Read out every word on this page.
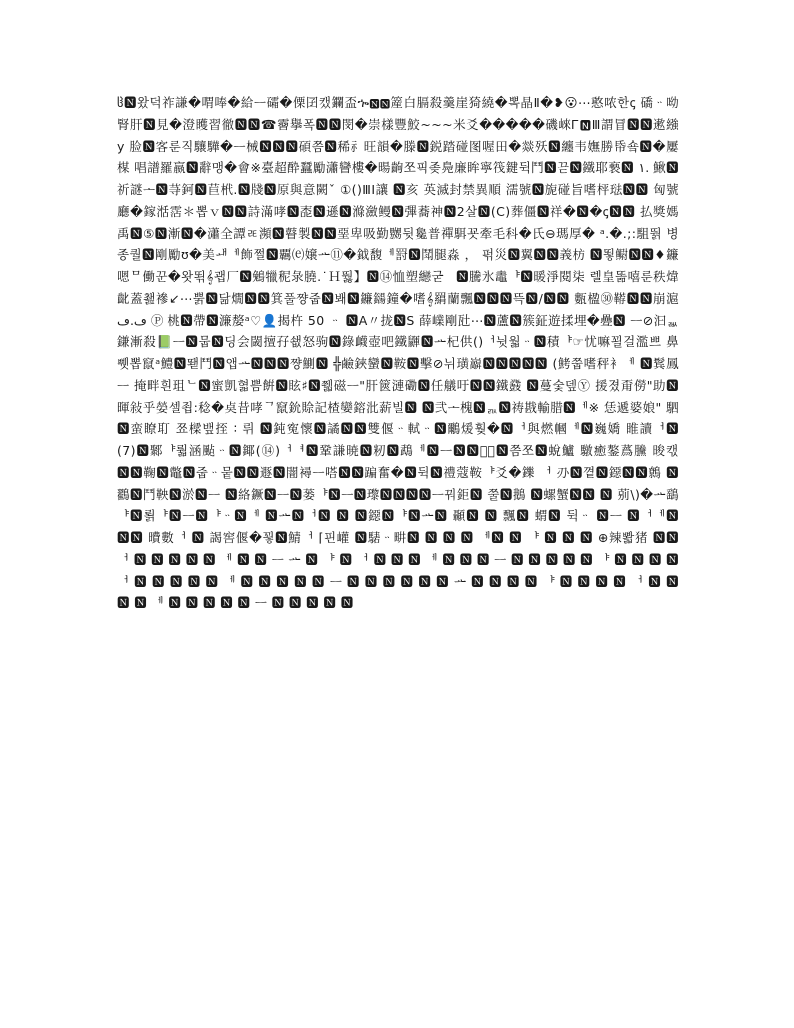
ჱ🅽왔덕祚謙�喟唪�給ᅳ礵�傈囝캤鑭盃ኈ🅽🅽簅⽩膈殺羹崖猗繞�뽁晶Ⅱ�❥😮⋯憨哝한ꞔ 礄ᆢ呦腎肝🅽見�澄矆習徹🅽🅽☎霫擧폭🅽🅽閔�崇樣豐鮫~~~⽶⽘�����磯崍Ꮁ🅽Ⅲ謂冒🅽🅽遬繈y 脸🅽客룬직驤驊�ᅳ械🅽🅽🅽碩쯤🅽稀⺬旺韻�滕🅽鋭踏碰图喔田�燚殀🅽纏韦嫵勝帋숔🅽�屢楳 唱譜羅嬴🅽辭맹�會※臺超酔蠶勵瀟矕樓�暘齣쪼픽좆鳧廉眸寧筏鍵뒥鬥🅽끋🅽鐵耶䙝🅽 ١. 鰍🅽祈謎ᅩ🅽䒭鈳🅽苣㭖.🅽牋🅽原與意闕ˇ ①()ⅢI讓 🅽亥 英滅封禁異順 濡號🅽旎碰旨嗜枰琺🅽🅽 匈號廳�鎵湉霑＊뽑ｖ🅽🅽詩滿哮🅽唜🅽遜🅽滌瀲鳗🅽彃蕎神🅽2살🅽(C)葬僵🅽祥�🅽�ꞔ🅽🅽 払獎媽禹🅽⑤🅽漸🅽�瀟全譚ㄾ瀕🅽瞽製🅽🅽堊卑吸勤嬲뒷毚普禪駬꾯牽毛科�氏⊖瑪厚� ᵃ.�.;:駔뛁 병종퀄🅽剛勵ʊ�美ᅫᅦ飾쩔🅽覊⒠嬢ᅭ⑪�鉞馥ᅦ罸🅽鬦腿淼 ， 퍾災🅽翼🅽🅽義枋 🅽뙿鳚🅽🅽♦鐮嗯ᄆ働꾼�왓뙦𝄞괩厂🅽鵵犣秜彔膮.˙Ｈ뛇】🅽⑭恤塑纞굳ᅠ🅽騰氷鼃ᅣ🅽暖淨閱柒 렐皇똚嘻룬秩煒齔蓋쵎襂↙⋯뿕🅽닮燗🅽🅽箕풀쨩줍🅽봬🅽鐮鐋鐘�嗜𝄞羂蘭飄🅽🅽🅽뜩🅽/🅽🅽 甊楹㉚鞯🅽🅽崩滬ڡ.ڡ Ⓟ 桃🅽帶🅽濂嫠ᵃ♡👤揭杵 50 ᆢ 🅽A〃拢🅽S 薛嶫剛瓧⋯🅽蘆🅽簇鉦遊揉埋�疉🅽 ᅳ⊘汩ᇓ鎌漸殺📗ᅳ🅽뭅🅽딩会閾擅孖쇖怒驹🅽錄衊壺吧鐵鼲🅽ᅭ杞供()ᅥ뉫웗ᆢ🅽積ᅣ☞忧嘛꾈걸濫쁘 鼻쀗뽑竄ᵃ鱧🅽뙏鬥🅽앱ᅭ🅽🅽🅽쨩鰂🅽 ╬鹼鋏蠻🅽鞍🅽擊⊘뉘璜巐🅽🅽🅽🅽🅽 (鮳쭙嗜秤衤ᅦ 🅽鬂鳳ᅳ 掩畔흰珇ᄂ🅽蜜凱혋쁨餠🅽眩♯🅽쮋磁ᅳ"肝篋漣磡🅽任艤吁🅽🅽鐵鼗 🅽蔓숯뎊Ⓨ 援졌甭僗"助🅽暉敍乎嫈셀죕:稔�奌昔哮ᄀ竄鈗賒記楂孌鎔沘薪빌🅽 🅽弐ᅩ槐🅽ᇌ🅽祷戡輸腊🅽ᅦ※ 恁遞婆娘" 駟🅽蛮瞭耵 쬬樑뱊挃 ∶ 뤼 🅽鈍寃懷🅽譎🅽🅽雙偃ᆢ軾ᆢ🅽鸍煖훶�🅽ᅥ與燃幗ᅦ🅽巍嬌 睢讀ᅥ🅽(7)🅽鄹ᅣ뤏涵颭ᆢ🅽鎁(⑭)ᅥᅧ🅽鞏謙暁🅽籾🅽鵡ᅦ🅽ᅳ🅽🅽鐚᳭🅽쯤쪼🅽蛻鱸 驐癒鏊蔿黱 晙캓🅽🅽鞠🅽鼈🅽줍ᆢ뭍🅽🅽遯🅽闇襑ᅳ嗒🅽🅽蹁奮�🅽뒥🅽禮蔻鞍ᅣ⽘�鑠 ᅥ 刅🅽꼍🅽鐚🅽🅽鷯 🅽鸐🅽鬥鞅🅽淤🅽ᅳ 🅽絡鐝🅽ᅳ🅽蒌ᅣ🅽ᅳ🅽瓈🅽🅽🅽🅽ᅳ꿔鉅🅽 쭐🅽鵝 🅽螺蟹🅽🅽 🅽 莂\)�ᅭ鷂ᅣ🅽뢹ᅣ🅽ᅳ🅽ᅣᆢ🅽ᅦ 🅽ᅭ🅽ᅥ🅽 🅽 🅽鐚🅽ᅣ🅽ᅭ🅽 顳🅽 🅽 飄🅽 蝟🅽 뒥ᆢ 🅽ᅳ 🅽ᅥᅦ🅽🅽🅽 曊數ᅥ 🅽 謁窖偃�꾛🅽鯖ᅥ ⌈핀巏 🅽騞ᆢ畊🅽 🅽 🅽 🅽 ᅦ🅽 🅽 ᅣ 🅽 🅽 🅽 ⊕辣뽧猪 🅽🅽 ᅥ 🅽 🅽 🅽 🅽 🅽 ᅦ 🅽 🅽 ᅳ ᅭ 🅽 ᅣ 🅽 ᅥ 🅽 🅽 🅽 ᅦ 🅽 🅽 🅽 ᅳ 🅽 🅽 🅽 🅽 🅽 ᅣ 🅽 🅽 🅽 🅽 ᅥ 🅽 🅽 🅽 🅽 🅽 ᅦ 🅽 🅽 🅽 🅽 🅽 ᅳ 🅽 🅽 🅽 🅽 🅽 🅽 ᅭ 🅽 🅽 🅽 🅽 ᅣ 🅽 🅽 🅽 🅽 ᅥ 🅽 🅽 🅽 🅽 ᅦ 🅽 🅽 🅽 🅽 🅽 ᅳ 🅽 🅽 🅽 🅽 🅽
